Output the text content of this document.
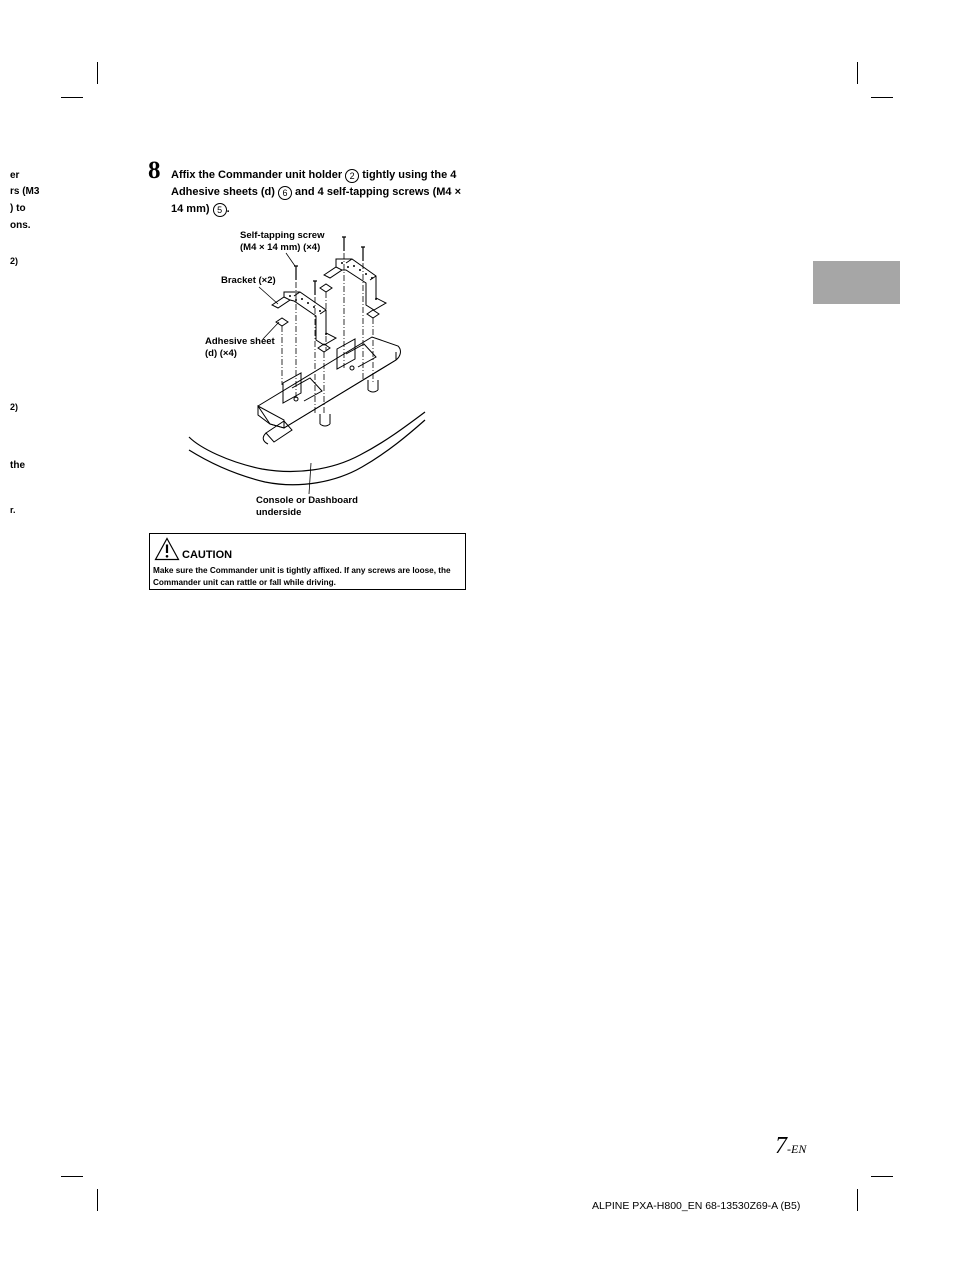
er
rs (M3
) to
ons.
2)
2)
the
r.
8 Affix the Commander unit holder 2 tightly using the 4 Adhesive sheets (d) 6 and 4 self-tapping screws (M4 × 14 mm) 5 .
Self-tapping screw
(M4 × 14 mm) (×4)
Bracket (×2)
Adhesive sheet
(d) (×4)
Console or Dashboard
underside
CAUTION
Make sure the Commander unit is tightly affixed. If any screws are loose, the Commander unit can rattle or fall while driving.
7-EN
ALPINE PXA-H800_EN 68-13530Z69-A (B5)
